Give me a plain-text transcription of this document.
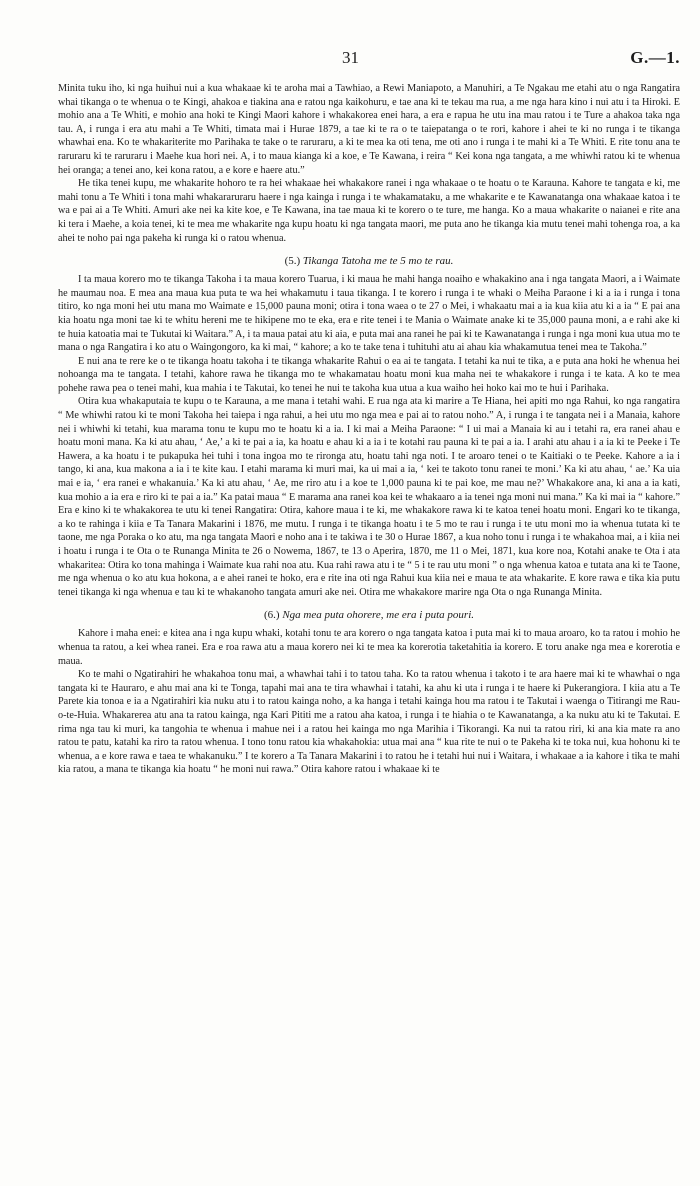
31	G.—1.

Minita tuku iho, ki nga huihui nui a kua whakaae ki te aroha mai a Tawhiao, a Rewi Maniapoto, a Manuhiri, a Te Ngakau me etahi atu o nga Rangatira whai tikanga o te whenua o te Kingi, ahakoa e tiakina ana e ratou nga kaikohuru, e tae ana ki te tekau ma rua, a me nga hara kino i nui atu i ta Hiroki. E mohio ana a Te Whiti, e mohio ana hoki te Kingi Maori kahore i whakakorea enei hara, a era e rapua he utu ina mau ratou i te Ture a ahakoa taka nga tau. A, i runga i era atu mahi a Te Whiti, timata mai i Hurae 1879, a tae ki te ra o te taiepatanga o te rori, kahore i ahei te ki no runga i te tikanga whawhai ena. Ko te whakariterite mo Parihaka te take o te raruraru, a ki te mea ka oti tena, me oti ano i runga i te mahi ki a Te Whiti. E rite tonu ana te raruraru ki te raruraru i Maehe kua hori nei. A, i to maua kianga ki a koe, e Te Kawana, i reira “ Kei kona nga tangata, a me whiwhi ratou ki te whenua hei oranga; a tenei ano, kei kona ratou, a e kore e haere atu.”

He tika tenei kupu, me whakarite hohoro te ra hei whakaae hei whakakore ranei i nga whakaae o te hoatu o te Karauna. Kahore te tangata e ki, me mahi tonu a Te Whiti i tona mahi whakararuraru haere i nga kainga i runga i te whakamataku, a me whakarite e te Kawanatanga ona whakaae katoa i te wa e pai ai a Te Whiti. Amuri ake nei ka kite koe, e Te Kawana, ina tae maua ki te korero o te ture, me hanga. Ko a maua whakarite o naianei e rite ana ki tera i Maehe, a koia tenei, ki te mea me whakarite nga kupu hoatu ki nga tangata maori, me puta ano he tikanga kia mutu tenei mahi tohenga roa, a ka ahei te noho pai nga pakeha ki runga ki o ratou whenua.

(5.) Tikanga Tatoha me te 5 mo te rau.

I ta maua korero mo te tikanga Takoha i ta maua korero Tuarua, i ki maua he mahi hanga noaiho e whakakino ana i nga tangata Maori, a i Waimate he maumau noa. E mea ana maua kua puta te wa hei whakamutu i taua tikanga. I te korero i runga i te whaki o Meiha Paraone i ki a ia i runga i tona titiro, ko nga moni hei utu mana mo Waimate e 15,000 pauna moni; otira i tona waea o te 27 o Mei, i whakaatu mai a ia kua kiia atu ki a ia “ E pai ana kia hoatu nga moni tae ki te whitu hereni me te hikipene mo te eka, era e rite tenei i te Mania o Waimate anake ki te 35,000 pauna moni, a e rahi ake ki te huia katoatia mai te Tukutai ki Waitara.” A, i ta maua patai atu ki aia, e puta mai ana ranei he pai ki te Kawanatanga i runga i nga moni kua utua mo te mana o nga Rangatira i ko atu o Waingongoro, ka ki mai, “ kahore; a ko te take tena i tuhituhi atu ai ahau kia whakamutua tenei mea te Takoha.”

E nui ana te rere ke o te tikanga hoatu takoha i te tikanga whakarite Rahui o ea ai te tangata. I tetahi ka nui te tika, a e puta ana hoki he whenua hei nohoanga ma te tangata. I tetahi, kahore rawa he tikanga mo te whakamatau hoatu moni kua maha nei te whakakore i runga i te kata. A ko te mea pohehe rawa pea o tenei mahi, kua mahia i te Takutai, ko tenei he nui te takoha kua utua a kua waiho hei hoko kai mo te hui i Parihaka.

Otira kua whakaputaia te kupu o te Karauna, a me mana i tetahi wahi. E rua nga ata ki marire a Te Hiana, hei apiti mo nga Rahui, ko nga rangatira “ Me whiwhi ratou ki te moni Takoha hei taiepa i nga rahui, a hei utu mo nga mea e pai ai to ratou noho.” A, i runga i te tangata nei i a Manaia, kahore nei i whiwhi ki tetahi, kua marama tonu te kupu mo te hoatu ki a ia. I ki mai a Meiha Paraone: “ I ui mai a Manaia ki au i tetahi ra, era ranei ahau e hoatu moni mana. Ka ki atu ahau, ‘ Ae,’ a ki te pai a ia, ka hoatu e ahau ki a ia i te kotahi rau pauna ki te pai a ia. I arahi atu ahau i a ia ki te Peeke i Te Hawera, a ka hoatu i te pukapuka hei tuhi i tona ingoa mo te rironga atu, hoatu tahi nga noti. I te aroaro tenei o te Kaitiaki o te Peeke. Kahore a ia i tango, ki ana, kua makona a ia i te kite kau. I etahi marama ki muri mai, ka ui mai a ia, ‘ kei te takoto tonu ranei te moni.’ Ka ki atu ahau, ‘ ae.’ Ka uia mai e ia, ‘ era ranei e whakanuia.’ Ka ki atu ahau, ‘ Ae, me riro atu i a koe te 1,000 pauna ki te pai koe, me mau ne?’ Whakakore ana, ki ana a ia kati, kua mohio a ia era e riro ki te pai a ia.” Ka patai maua “ E marama ana ranei koa kei te whakaaro a ia tenei nga moni nui mana.” Ka ki mai ia “ kahore.” Era e kino ki te whakakorea te utu ki tenei Rangatira: Otira, kahore maua i te ki, me whakakore rawa ki te katoa tenei hoatu moni. Engari ko te tikanga, a ko te rahinga i kiia e Ta Tanara Makarini i 1876, me mutu. I runga i te tikanga hoatu i te 5 mo te rau i runga i te utu moni mo ia whenua tutata ki te taone, me nga Poraka o ko atu, ma nga tangata Maori e noho ana i te takiwa i te 30 o Hurae 1867, a kua noho tonu i runga i te whakahoa mai, a i kiia nei i hoatu i runga i te Ota o te Runanga Minita te 26 o Nowema, 1867, te 13 o Aperira, 1870, me 11 o Mei, 1871, kua kore noa, Kotahi anake te Ota i ata whakaritea: Otira ko tona mahinga i Waimate kua rahi noa atu. Kua rahi rawa atu i te “ 5 i te rau utu moni ” o nga whenua katoa e tutata ana ki te Taone, me nga whenua o ko atu kua hokona, a e ahei ranei te hoko, era e rite ina oti nga Rahui kua kiia nei e maua te ata whakarite. E kore rawa e tika kia putu tenei tikanga ki nga whenua e tau ki te whakanoho tangata amuri ake nei. Otira me whakakore marire nga Ota o nga Runanga Minita.

(6.) Nga mea puta ohorere, me era i puta pouri.

Kahore i maha enei: e kitea ana i nga kupu whaki, kotahi tonu te ara korero o nga tangata katoa i puta mai ki to maua aroaro, ko ta ratou i mohio he whenua ta ratou, a kei whea ranei. Era e roa rawa atu a maua korero nei ki te mea ka korerotia taketahitia ia korero. E toru anake nga mea e korerotia e maua.

Ko te mahi o Ngatirahiri he whakahoa tonu mai, a whawhai tahi i to tatou taha. Ko ta ratou whenua i takoto i te ara haere mai ki te whawhai o nga tangata ki te Hauraro, e ahu mai ana ki te Tonga, tapahi mai ana te tira whawhai i tatahi, ka ahu ki uta i runga i te haere ki Pukerangiora. I kiia atu a Te Parete kia tonoa e ia a Ngatirahiri kia nuku atu i to ratou kainga noho, a ka hanga i tetahi kainga hou ma ratou i te Takutai i waenga o Titirangi me Rau-o-te-Huia. Whakarerea atu ana ta ratou kainga, nga Kari Pititi me a ratou aha katoa, i runga i te hiahia o te Kawanatanga, a ka nuku atu ki te Takutai. E rima nga tau ki muri, ka tangohia te whenua i mahue nei i a ratou hei kainga mo nga Marihia i Tikorangi. Ka nui ta ratou riri, ki ana kia mate ra ano ratou te patu, katahi ka riro ta ratou whenua. I tono tonu ratou kia whakahokia: utua mai ana “ kua rite te nui o te Pakeha ki te toka nui, kua hohonu ki te whenua, a e kore rawa e taea te whakanuku.” I te korero a Ta Tanara Makarini i to ratou he i tetahi hui nui i Waitara, i whakaae a ia kahore i tika te mahi kia ratou, a mana te tikanga kia hoatu “ he moni nui rawa.” Otira kahore ratou i whakaae ki te
